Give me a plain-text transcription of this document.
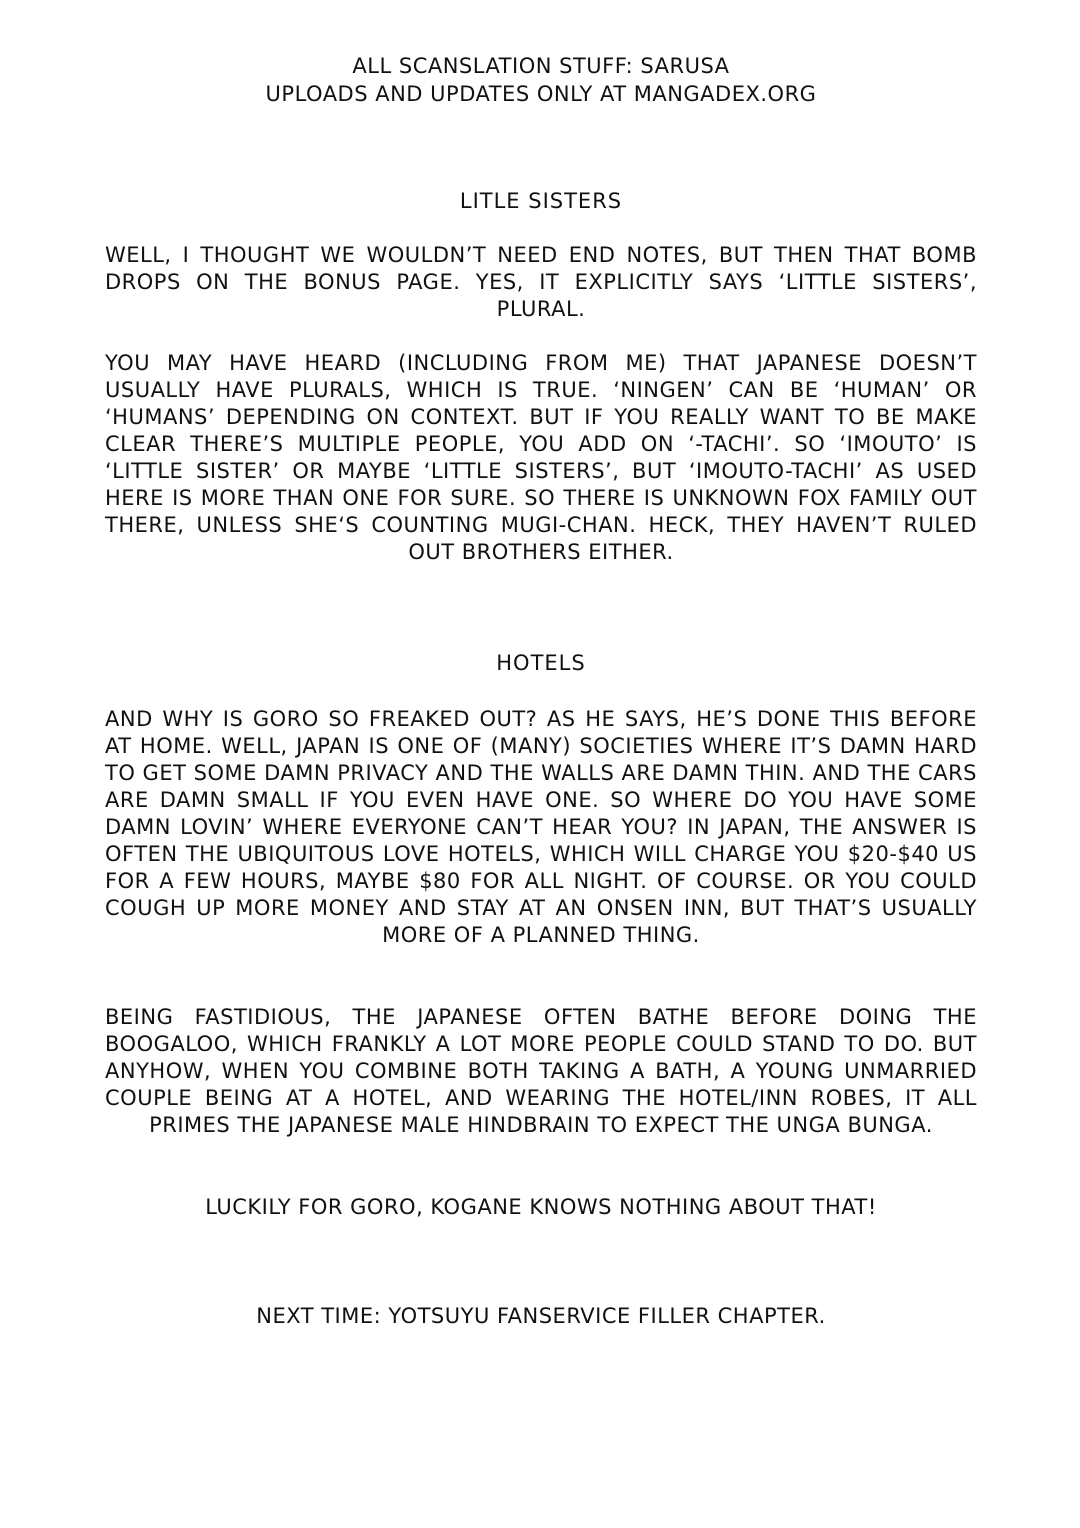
ALL SCANSLATION STUFF: SARUSA

UPLOADS AND UPDATES ONLY AT MANGADEX.ORG

LITLE SISTERS

WELL, I THOUGHT WE WOULDN’T NEED END NOTES, BUT THEN THAT BOMB DROPS ON THE BONUS PAGE. YES, IT EXPLICITLY SAYS ‘LITTLE SISTERS’, PLURAL.

YOU MAY HAVE HEARD (INCLUDING FROM ME) THAT JAPANESE DOESN’T USUALLY HAVE PLURALS, WHICH IS TRUE. ‘NINGEN’ CAN BE ‘HUMAN’ OR ‘HUMANS’ DEPENDING ON CONTEXT. BUT IF YOU REALLY WANT TO BE MAKE CLEAR THERE’S MULTIPLE PEOPLE, YOU ADD ON ‘-TACHI’. SO ‘IMOUTO’ IS ‘LITTLE SISTER’ OR MAYBE ‘LITTLE SISTERS’, BUT ‘IMOUTO-TACHI’ AS USED HERE IS MORE THAN ONE FOR SURE. SO THERE IS UNKNOWN FOX FAMILY OUT THERE, UNLESS SHE‘S COUNTING MUGI-CHAN. HECK, THEY HAVEN’T RULED OUT BROTHERS EITHER.

HOTELS

AND WHY IS GORO SO FREAKED OUT? AS HE SAYS, HE’S DONE THIS BEFORE AT HOME. WELL, JAPAN IS ONE OF (MANY) SOCIETIES WHERE IT’S DAMN HARD TO GET SOME DAMN PRIVACY AND THE WALLS ARE DAMN THIN. AND THE CARS ARE DAMN SMALL IF YOU EVEN HAVE ONE. SO WHERE DO YOU HAVE SOME DAMN LOVIN’ WHERE EVERYONE CAN’T HEAR YOU? IN JAPAN, THE ANSWER IS OFTEN THE UBIQUITOUS LOVE HOTELS, WHICH WILL CHARGE YOU $20-$40 US FOR A FEW HOURS, MAYBE $80 FOR ALL NIGHT. OF COURSE. OR YOU COULD COUGH UP MORE MONEY AND STAY AT AN ONSEN INN, BUT THAT’S USUALLY MORE OF A PLANNED THING.

BEING FASTIDIOUS, THE JAPANESE OFTEN BATHE BEFORE DOING THE BOOGALOO, WHICH FRANKLY A LOT MORE PEOPLE COULD STAND TO DO. BUT ANYHOW, WHEN YOU COMBINE BOTH TAKING A BATH, A YOUNG UNMARRIED COUPLE BEING AT A HOTEL, AND WEARING THE HOTEL/INN ROBES, IT ALL PRIMES THE JAPANESE MALE HINDBRAIN TO EXPECT THE UNGA BUNGA.

LUCKILY FOR GORO, KOGANE KNOWS NOTHING ABOUT THAT!

NEXT TIME: YOTSUYU FANSERVICE FILLER CHAPTER.
